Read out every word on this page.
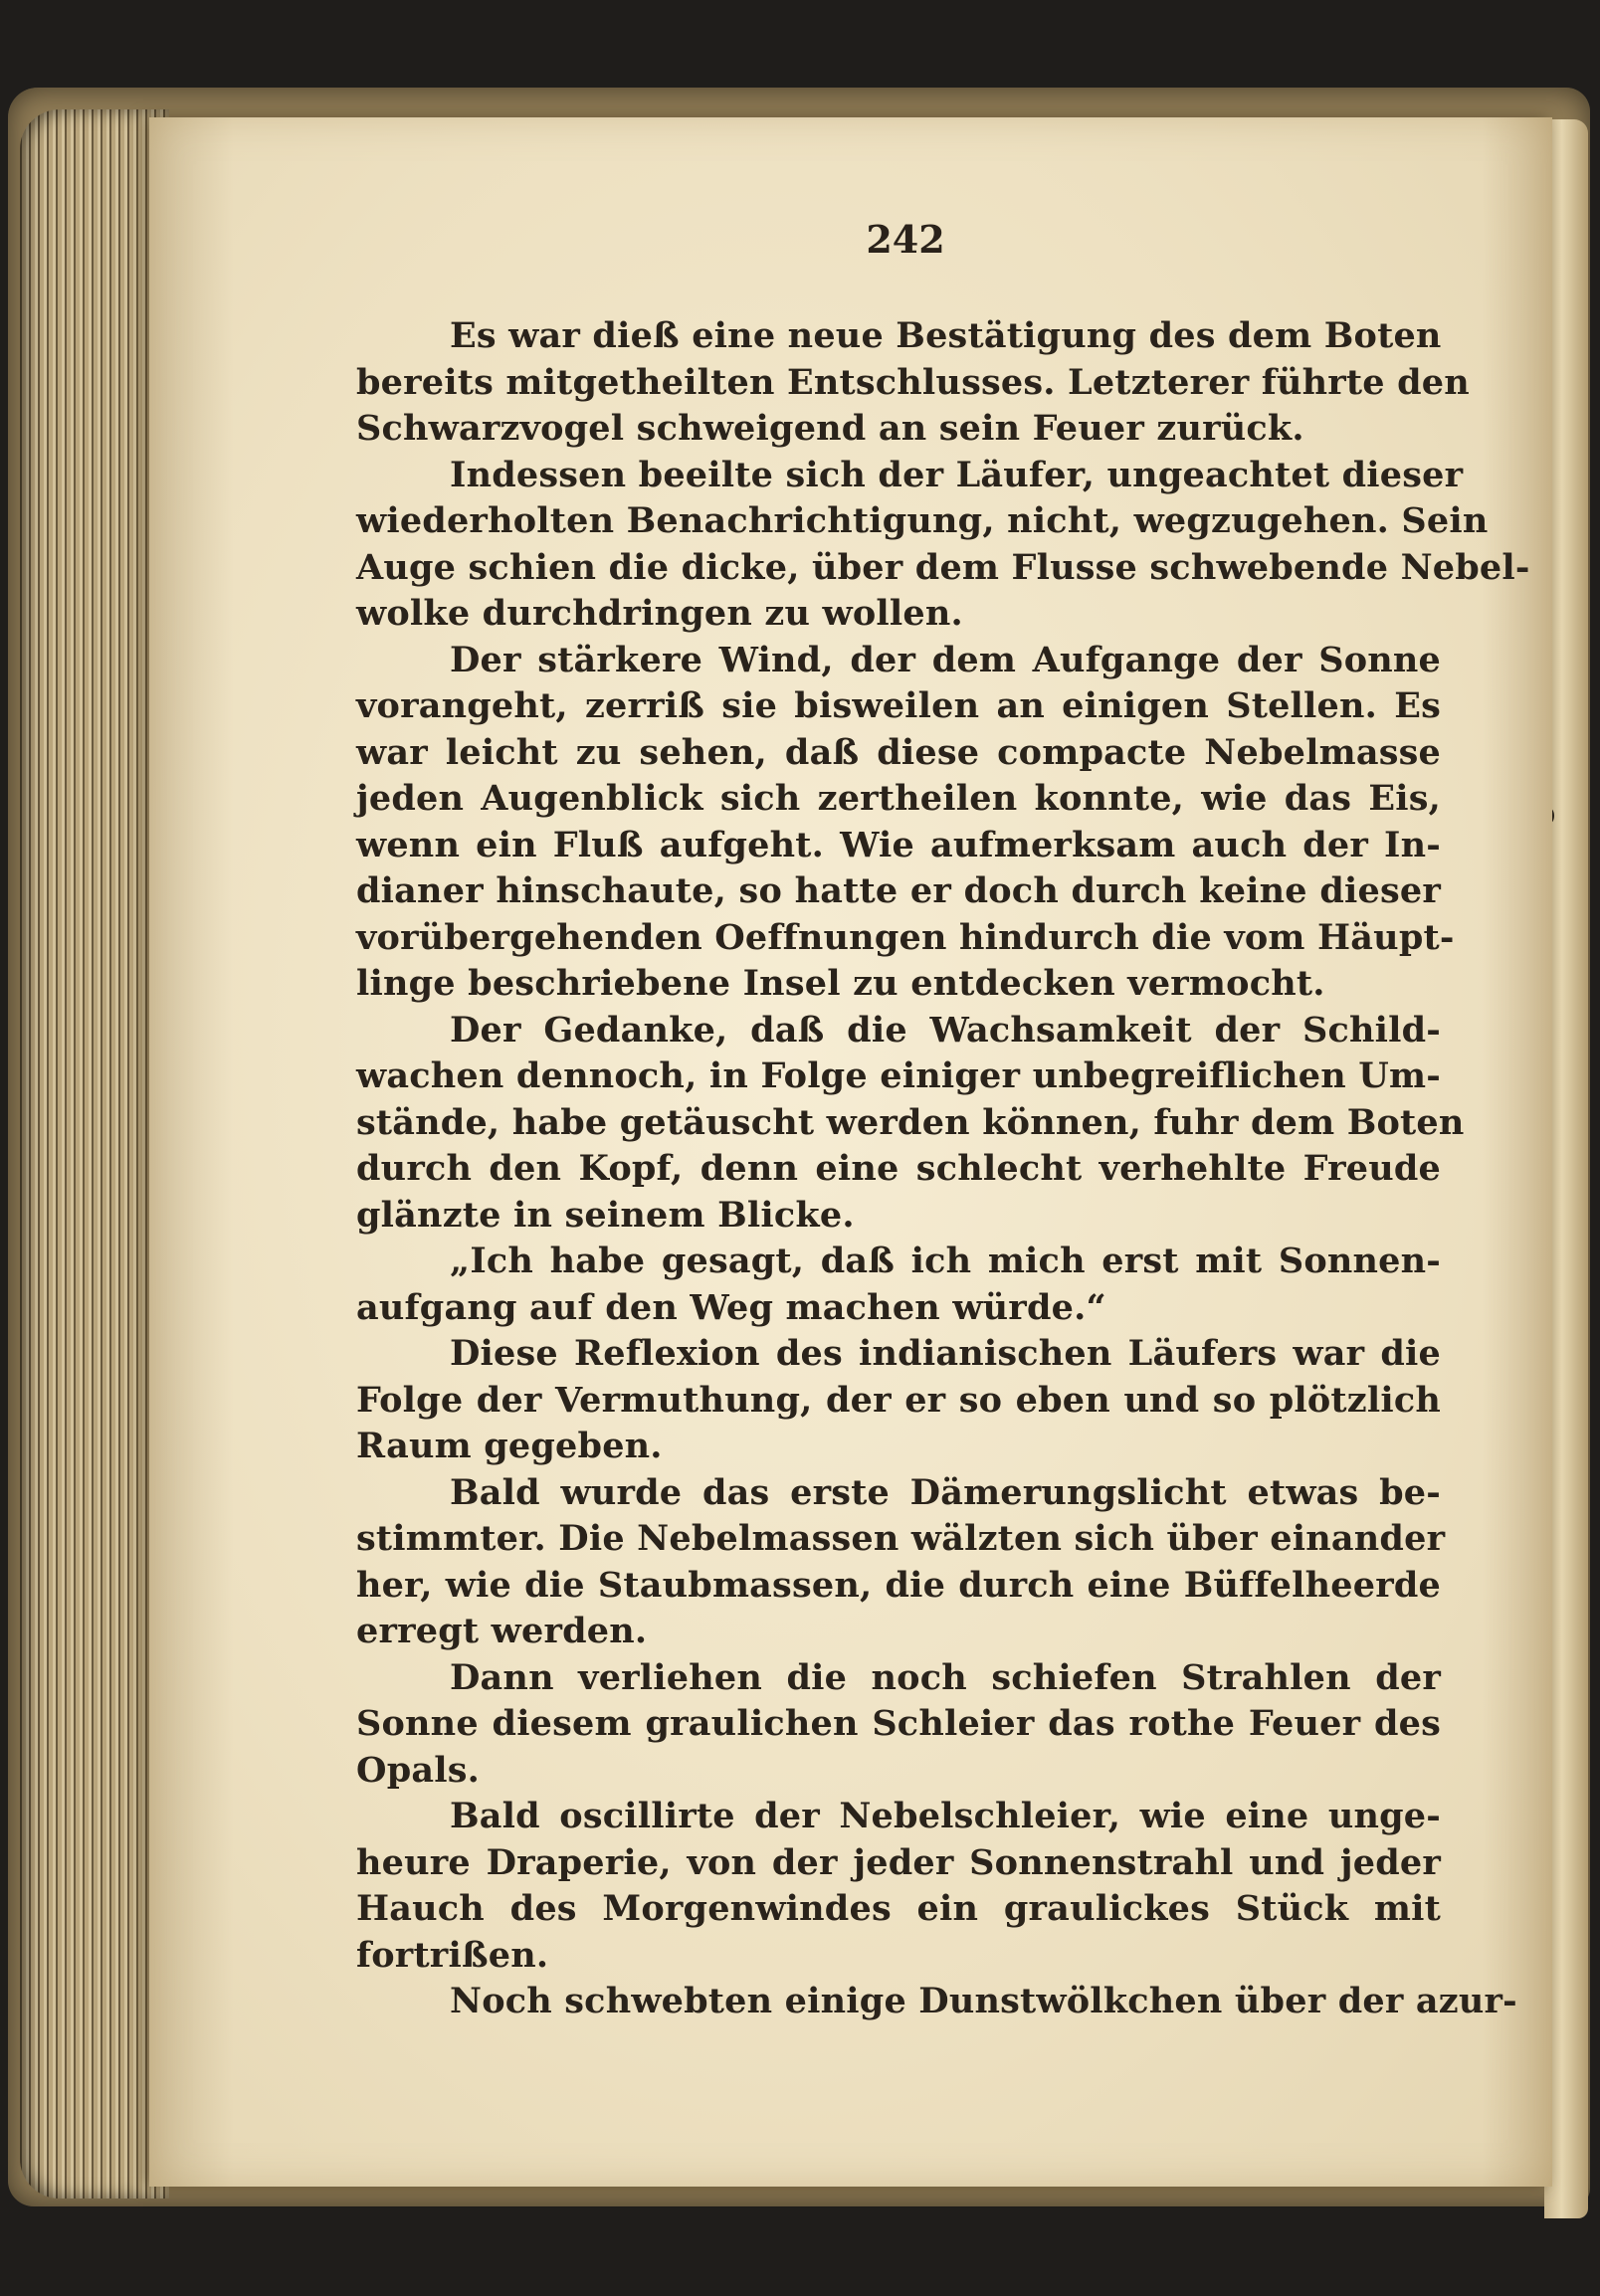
242
Es war dieß eine neue Bestätigung des dem Boten
bereits mitgetheilten Entschlusses. Letzterer führte den
Schwarzvogel schweigend an sein Feuer zurück.
Indessen beeilte sich der Läufer, ungeachtet dieser
wiederholten Benachrichtigung, nicht, wegzugehen. Sein
Auge schien die dicke, über dem Flusse schwebende Nebel-
wolke durchdringen zu wollen.
Der stärkere Wind, der dem Aufgange der Sonne
vorangeht, zerriß sie bisweilen an einigen Stellen. Es
war leicht zu sehen, daß diese compacte Nebelmasse
jeden Augenblick sich zertheilen konnte, wie das Eis,
wenn ein Fluß aufgeht. Wie aufmerksam auch der In-
dianer hinschaute, so hatte er doch durch keine dieser
vorübergehenden Oeffnungen hindurch die vom Häupt-
linge beschriebene Insel zu entdecken vermocht.
Der Gedanke, daß die Wachsamkeit der Schild-
wachen dennoch, in Folge einiger unbegreiflichen Um-
stände, habe getäuscht werden können, fuhr dem Boten
durch den Kopf, denn eine schlecht verhehlte Freude
glänzte in seinem Blicke.
„Ich habe gesagt, daß ich mich erst mit Sonnen-
aufgang auf den Weg machen würde.“
Diese Reflexion des indianischen Läufers war die
Folge der Vermuthung, der er so eben und so plötzlich
Raum gegeben.
Bald wurde das erste Dämerungslicht etwas be-
stimmter. Die Nebelmassen wälzten sich über einander
her, wie die Staubmassen, die durch eine Büffelheerde
erregt werden.
Dann verliehen die noch schiefen Strahlen der
Sonne diesem graulichen Schleier das rothe Feuer des
Opals.
Bald oscillirte der Nebelschleier, wie eine unge-
heure Draperie, von der jeder Sonnenstrahl und jeder
Hauch des Morgenwindes ein graulickes Stück mit
fortrißen.
Noch schwebten einige Dunstwölkchen über der azur-
